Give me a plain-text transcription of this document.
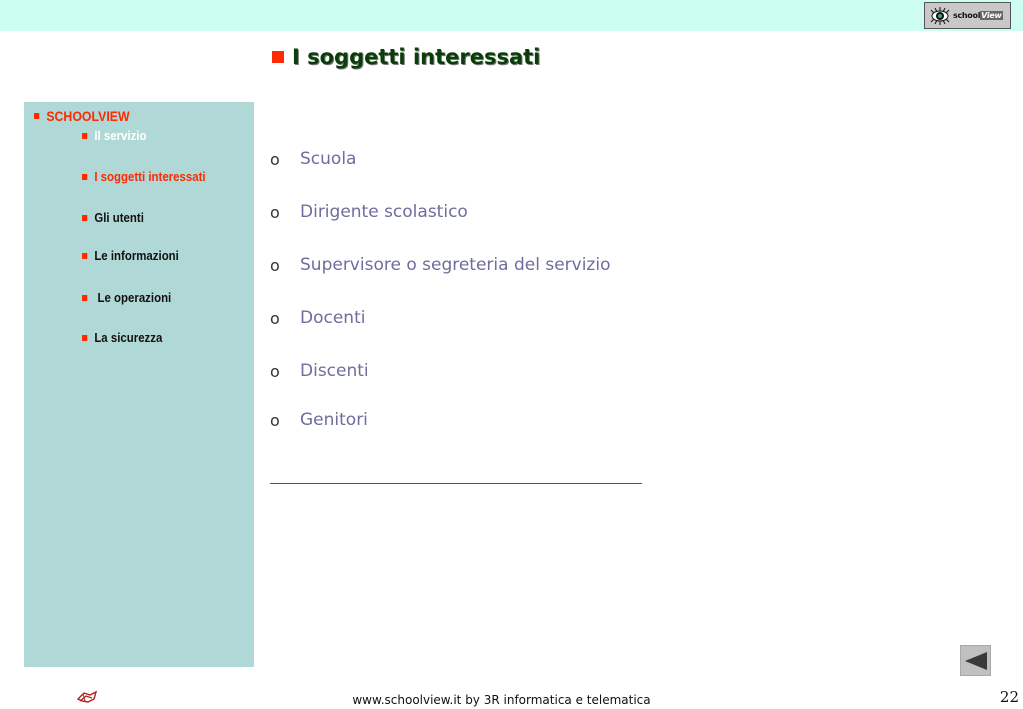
schoolView
I soggetti interessati
SCHOOLVIEW
Il servizio
I soggetti interessati
Gli utenti
Le informazioni
Le operazioni
La sicurezza
o	Scuola
o	Dirigente scolastico
o	Supervisore o segreteria del servizio
o	Docenti
o	Discenti
o	Genitori
www.schoolview.it by 3R informatica e telematica	22
